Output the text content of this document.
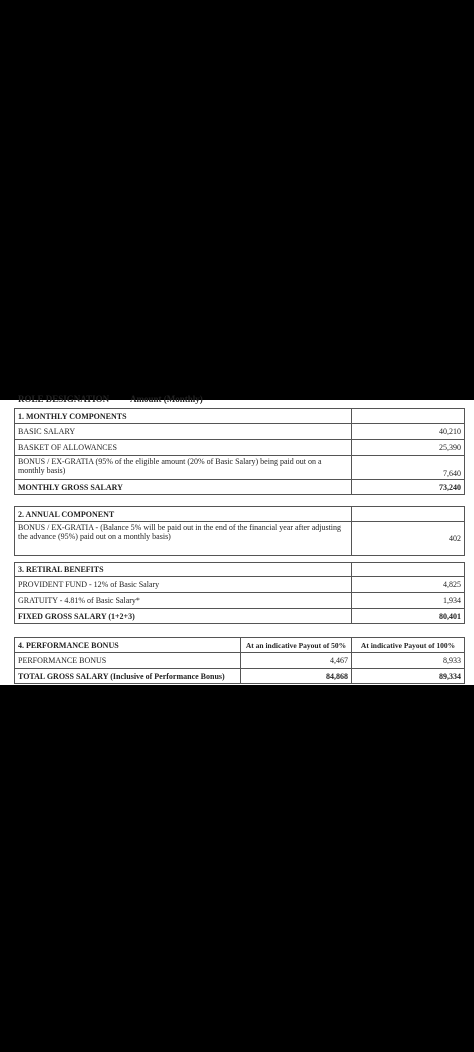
ROLE DESIGNATION Amount (Monthly)
1. MONTHLY COMPONENTS	
BASIC SALARY	40,210
BASKET OF ALLOWANCES	25,390
BONUS / EX-GRATIA (95% of the eligible amount (20% of Basic Salary) being paid out on a monthly basis)	7,640
MONTHLY GROSS SALARY	73,240
2. ANNUAL COMPONENT	
BONUS / EX-GRATIA - (Balance 5% will be paid out in the end of the financial year after adjusting the advance (95%) paid out on a monthly basis)	402
3. RETIRAL BENEFITS	
PROVIDENT FUND - 12% of Basic Salary	4,825
GRATUITY - 4.81% of Basic Salary*	1,934
FIXED GROSS SALARY (1+2+3)	80,401
4. PERFORMANCE BONUS	At an indicative Payout of 50%	At indicative Payout of 100%
PERFORMANCE BONUS	4,467	8,933
TOTAL GROSS SALARY (Inclusive of Performance Bonus)	84,868	89,334
